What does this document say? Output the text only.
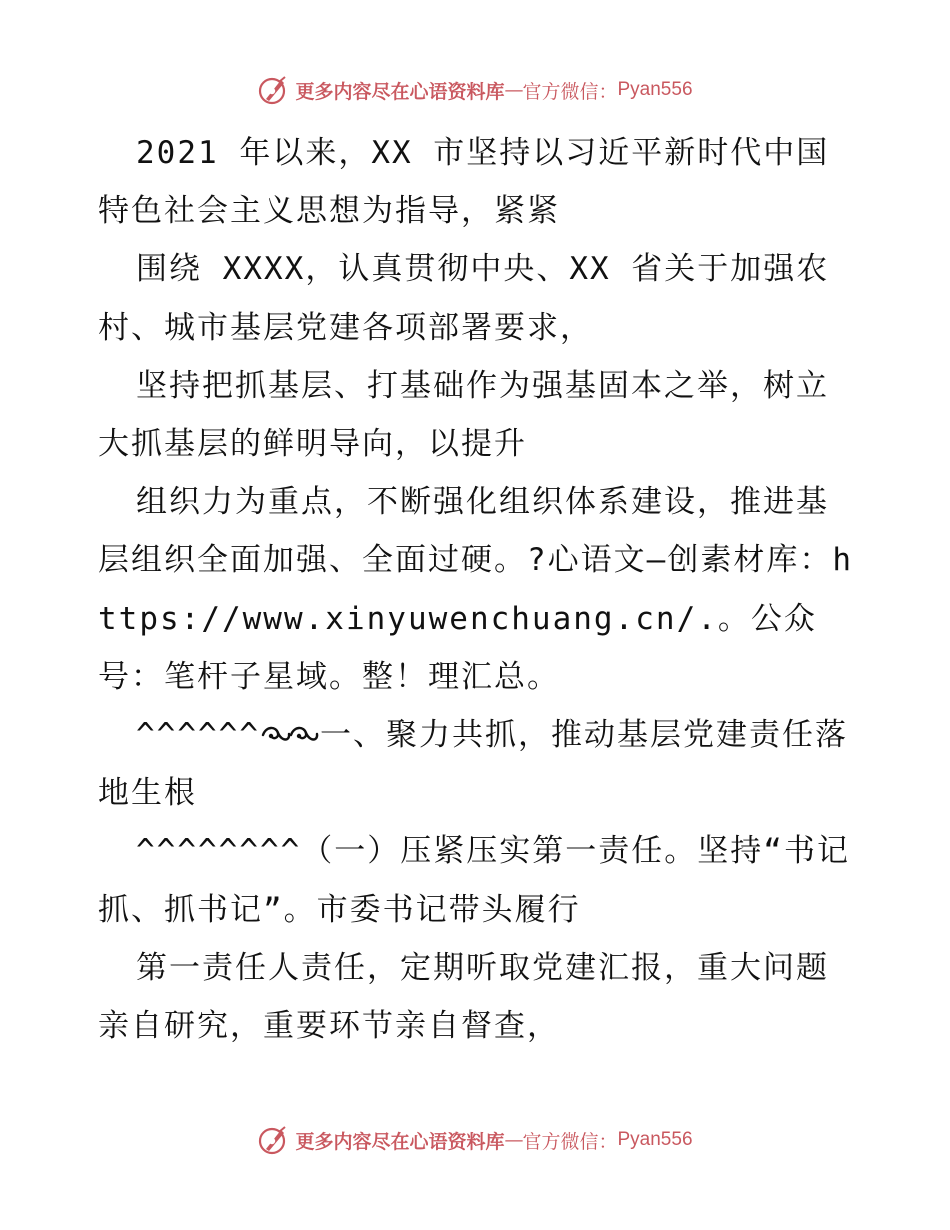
更多内容尽在心语资料库 — 官方微信： Pyan556

2021 年以来，XX 市坚持以习近平新时代中国特色社会主义思想为指导，紧紧

围绕 XXXX，认真贯彻中央、XX 省关于加强农村、城市基层党建各项部署要求，

坚持把抓基层、打基础作为强基固本之举，树立大抓基层的鲜明导向，以提升

组织力为重点，不断强化组织体系建设，推进基层组织全面加强、全面过硬。?心语文—创素材库：https://www.xinyuwenchuang.cn/.。公众号：笔杆子星域。整！理汇总。

^^^^^^ 一、聚力共抓，推动基层党建责任落地生根

^^^^^^^^（一）压紧压实第一责任。坚持“书记抓、抓书记”。市委书记带头履行

第一责任人责任，定期听取党建汇报，重大问题亲自研究，重要环节亲自督查，

更多内容尽在心语资料库 — 官方微信： Pyan556
